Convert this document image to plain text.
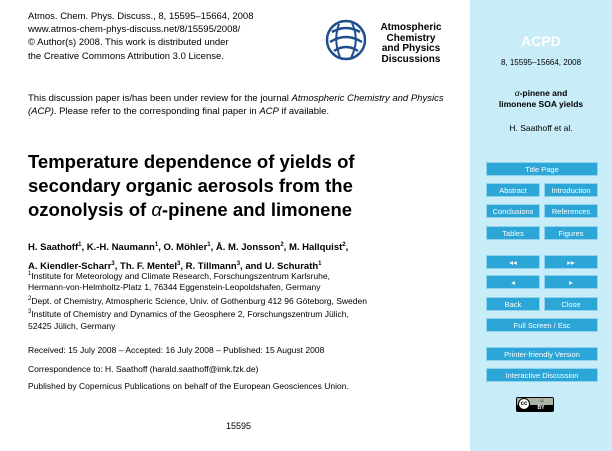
Atmos. Chem. Phys. Discuss., 8, 15595–15664, 2008
www.atmos-chem-phys-discuss.net/8/15595/2008/
© Author(s) 2008. This work is distributed under
the Creative Commons Attribution 3.0 License.
Atmospheric
Chemistry
and Physics
Discussions
This discussion paper is/has been under review for the journal Atmospheric Chemistry and Physics (ACP). Please refer to the corresponding final paper in ACP if available.
Temperature dependence of yields of
secondary organic aerosols from the
ozonolysis of α-pinene and limonene
H. Saathoff$^1$, K.-H. Naumann$^1$, O. Möhler$^1$, Å. M. Jonsson$^2$, M. Hallquist$^2$,
A. Kiendler-Scharr$^3$, Th. F. Mentel$^3$, R. Tillmann$^3$, and U. Schurath$^1$
$^1$Institute for Meteorology and Climate Research, Forschungszentrum Karlsruhe,
Hermann-von-Helmholtz-Platz 1, 76344 Eggenstein-Leopoldshafen, Germany
$^2$Dept. of Chemistry, Atmospheric Science, Univ. of Gothenburg 412 96 Göteborg, Sweden
$^3$Institute of Chemistry and Dynamics of the Geosphere 2, Forschungszentrum Jülich,
52425 Jülich, Germany
Received: 15 July 2008 – Accepted: 16 July 2008 – Published: 15 August 2008
Correspondence to: H. Saathoff (harald.saathoff@imk.fzk.de)
Published by Copernicus Publications on behalf of the European Geosciences Union.
15595
ACPD
8, 15595–15664, 2008
α-pinene and
limonene SOA yields
H. Saathoff et al.
Title Page
Abstract	Introduction
Conclusions	References
Tables	Figures
◂◂	▸▸
◂	▸
Back	Close
Full Screen / Esc
Printer-friendly Version
Interactive Discussion
cc	☺
BY
